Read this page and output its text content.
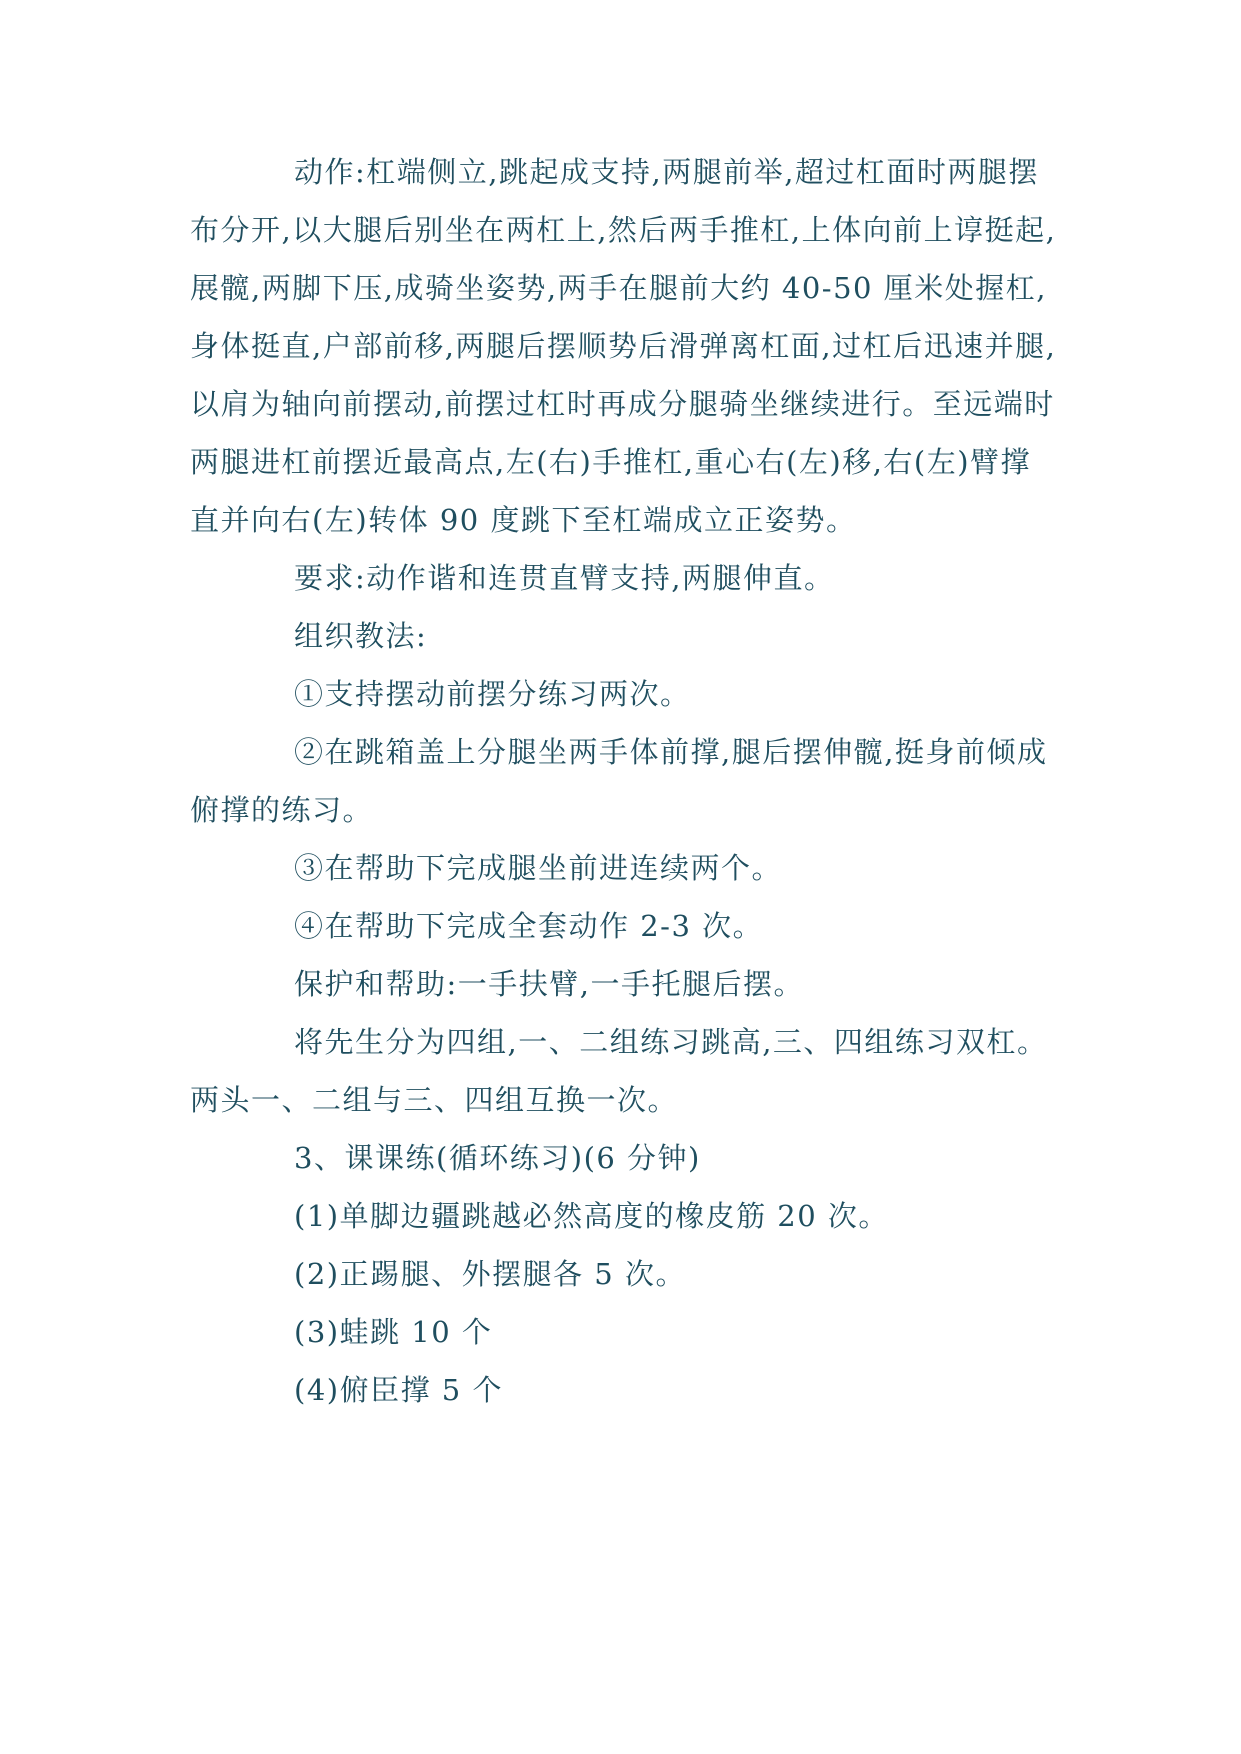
动作:杠端侧立,跳起成支持,两腿前举,超过杠面时两腿摆
布分开,以大腿后别坐在两杠上,然后两手推杠,上体向前上谆挺起,
展髋,两脚下压,成骑坐姿势,两手在腿前大约 40-50 厘米处握杠,
身体挺直,户部前移,两腿后摆顺势后滑弹离杠面,过杠后迅速并腿,
以肩为轴向前摆动,前摆过杠时再成分腿骑坐继续进行。至远端时
两腿进杠前摆近最高点,左(右)手推杠,重心右(左)移,右(左)臂撑
直并向右(左)转体 90 度跳下至杠端成立正姿势。
要求:动作谐和连贯直臂支持,两腿伸直。
组织教法:
①支持摆动前摆分练习两次。
②在跳箱盖上分腿坐两手体前撑,腿后摆伸髋,挺身前倾成
俯撑的练习。
③在帮助下完成腿坐前进连续两个。
④在帮助下完成全套动作 2-3 次。
保护和帮助:一手扶臂,一手托腿后摆。
将先生分为四组,一、二组练习跳高,三、四组练习双杠。
两头一、二组与三、四组互换一次。
3、课课练(循环练习)(6 分钟)
(1)单脚边疆跳越必然高度的橡皮筋 20 次。
(2)正踢腿、外摆腿各 5 次。
(3)蛙跳 10 个
(4)俯臣撑 5 个
